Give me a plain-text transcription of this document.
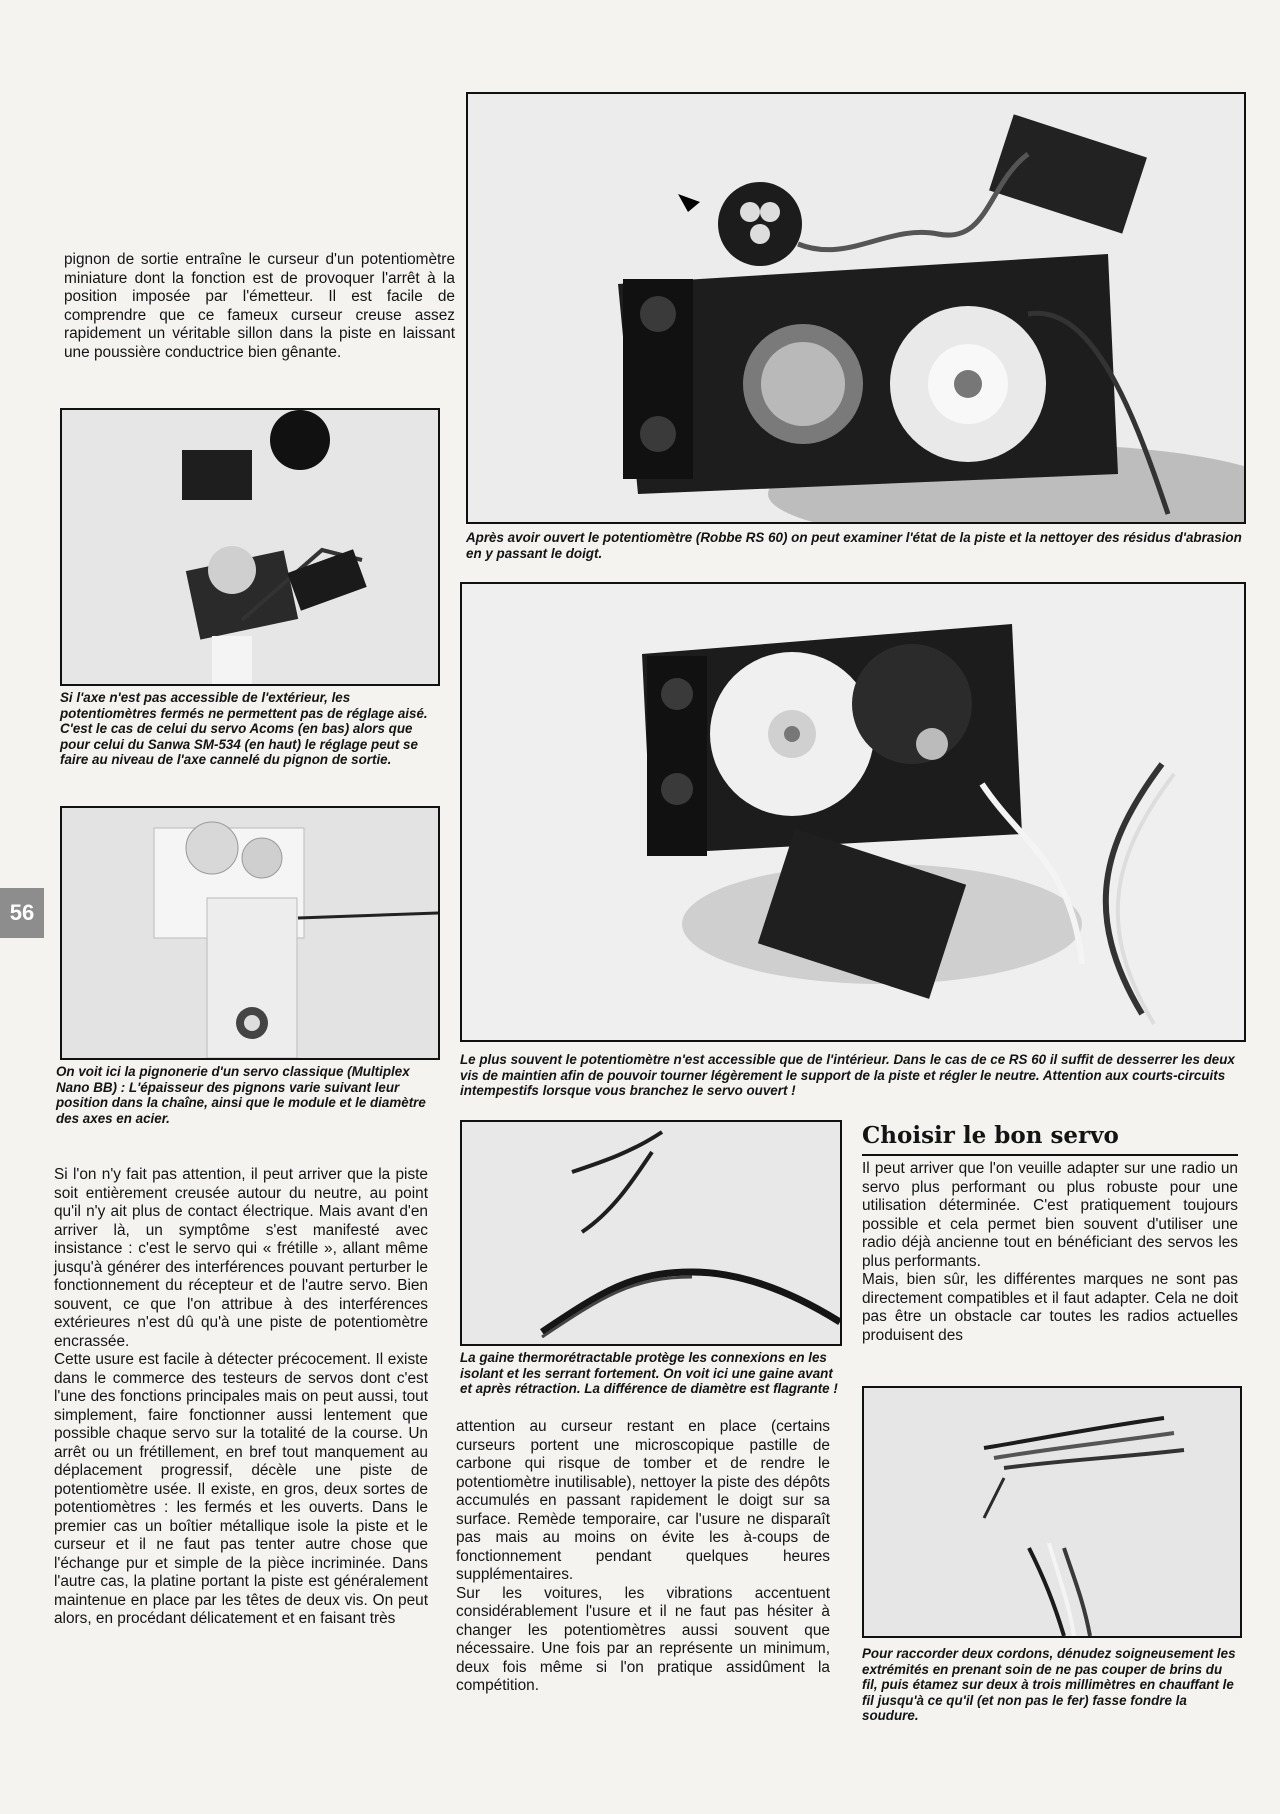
pignon de sortie entraîne le curseur d'un potentiomètre miniature dont la fonction est de provoquer l'arrêt à la position imposée par l'émetteur. Il est facile de comprendre que ce fameux curseur creuse assez rapidement un véritable sillon dans la piste en laissant une poussière conductrice bien gênante.

Après avoir ouvert le potentiomètre (Robbe RS 60) on peut examiner l'état de la piste et la nettoyer des résidus d'abrasion en y passant le doigt.
Si l'axe n'est pas accessible de l'extérieur, les potentiomètres fermés ne permettent pas de réglage aisé. C'est le cas de celui du servo Acoms (en bas) alors que pour celui du Sanwa SM-534 (en haut) le réglage peut se faire au niveau de l'axe cannelé du pignon de sortie.
56
On voit ici la pignonerie d'un servo classique (Multiplex Nano BB) : L'épaisseur des pignons varie suivant leur position dans la chaîne, ainsi que le module et le diamètre des axes en acier.
Le plus souvent le potentiomètre n'est accessible que de l'intérieur. Dans le cas de ce RS 60 il suffit de desserrer les deux vis de maintien afin de pouvoir tourner légèrement le support de la piste et régler le neutre. Attention aux courts-circuits intempestifs lorsque vous branchez le servo ouvert !

Si l'on n'y fait pas attention, il peut arriver que la piste soit entièrement creusée autour du neutre, au point qu'il n'y ait plus de contact électrique. Mais avant d'en arriver là, un symptôme s'est manifesté avec insistance : c'est le servo qui « frétille », allant même jusqu'à générer des interférences pouvant perturber le fonctionnement du récepteur et de l'autre servo. Bien souvent, ce que l'on attribue à des interférences extérieures n'est dû qu'à une piste de potentiomètre encrassée.

Cette usure est facile à détecter précocement. Il existe dans le commerce des testeurs de servos dont c'est l'une des fonctions principales mais on peut aussi, tout simplement, faire fonctionner aussi lentement que possible chaque servo sur la totalité de la course. Un arrêt ou un frétillement, en bref tout manquement au déplacement progressif, décèle une piste de potentiomètre usée. Il existe, en gros, deux sortes de potentiomètres : les fermés et les ouverts. Dans le premier cas un boîtier métallique isole la piste et le curseur et il ne faut pas tenter autre chose que l'échange pur et simple de la pièce incriminée. Dans l'autre cas, la platine portant la piste est généralement maintenue en place par les têtes de deux vis. On peut alors, en procédant délicatement et en faisant très

La gaine thermorétractable protège les connexions en les isolant et les serrant fortement. On voit ici une gaine avant et après rétraction. La différence de diamètre est flagrante !

attention au curseur restant en place (certains curseurs portent une microscopique pastille de carbone qui risque de tomber et de rendre le potentiomètre inutilisable), nettoyer la piste des dépôts accumulés en passant rapidement le doigt sur sa surface. Remède temporaire, car l'usure ne disparaît pas mais au moins on évite les à-coups de fonctionnement pendant quelques heures supplémentaires.

Sur les voitures, les vibrations accentuent considérablement l'usure et il ne faut pas hésiter à changer les potentiomètres aussi souvent que nécessaire. Une fois par an représente un minimum, deux fois même si l'on pratique assidûment la compétition.

Choisir le bon servo

Il peut arriver que l'on veuille adapter sur une radio un servo plus performant ou plus robuste pour une utilisation déterminée. C'est pratiquement toujours possible et cela permet bien souvent d'utiliser une radio déjà ancienne tout en bénéficiant des servos les plus performants.

Mais, bien sûr, les différentes marques ne sont pas directement compatibles et il faut adapter. Cela ne doit pas être un obstacle car toutes les radios actuelles produisent des

Pour raccorder deux cordons, dénudez soigneusement les extrémités en prenant soin de ne pas couper de brins du fil, puis étamez sur deux à trois millimètres en chauffant le fil jusqu'à ce qu'il (et non pas le fer) fasse fondre la soudure.
